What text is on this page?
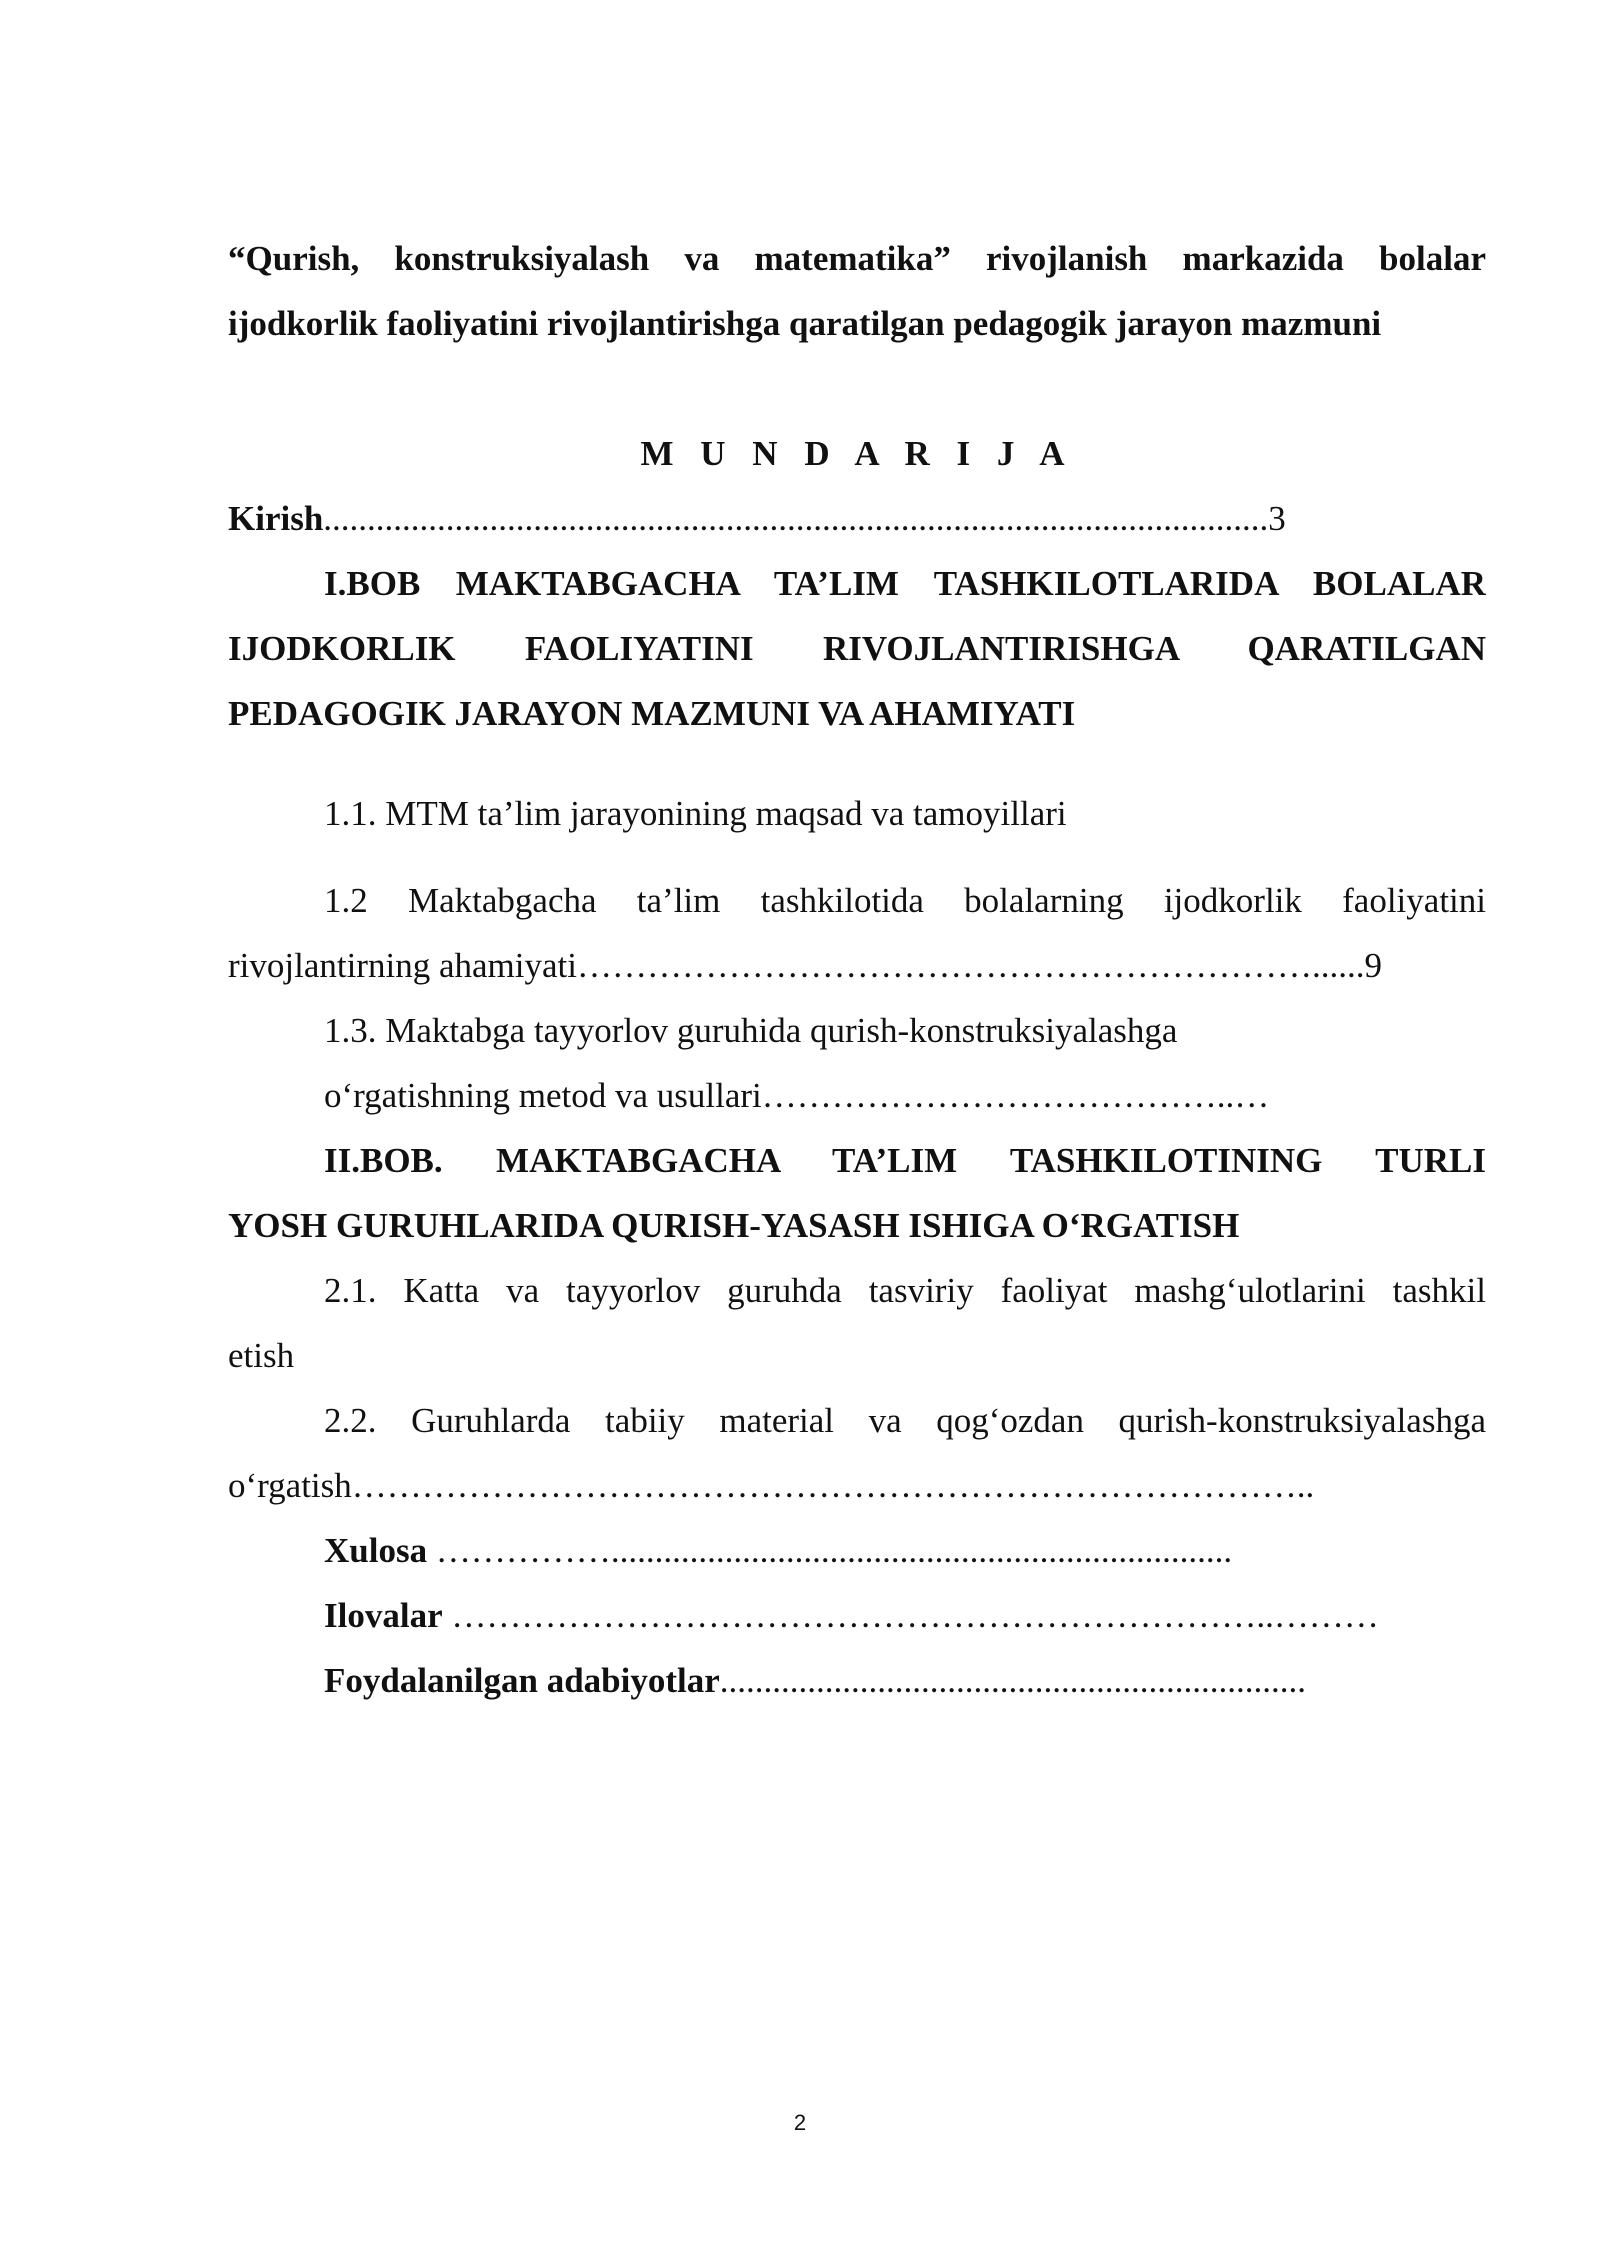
“Qurish, konstruksiyalash va matematika” rivojlanish markazida bolalar
ijodkorlik faoliyatini rivojlantirishga qaratilgan pedagogik jarayon mazmuni
M U N D A R I J A
Kirish............................................................................................................3
I.BOB MAKTABGACHA TA’LIM TASHKILOTLARIDA BOLALAR
IJODKORLIK FAOLIYATINI RIVOJLANTIRISHGA QARATILGAN
PEDAGOGIK JARAYON MAZMUNI VA AHAMIYATI
1.1. MTM ta’lim jarayonining maqsad va tamoyillari
1.2 Maktabgacha ta’lim tashkilotida bolalarning ijodkorlik faoliyatini
rivojlantirning ahamiyati………………………………………………………......9
1.3. Maktabga tayyorlov guruhida qurish-konstruksiyalashga
o‘rgatishning metod va usullari…………………………………..…
II.BOB. MAKTABGACHA TA’LIM TASHKILOTINING TURLI
YOSH GURUHLARIDA QURISH-YASASH ISHIGA O‘RGATISH
2.1. Katta va tayyorlov guruhda tasviriy faoliyat mashg‘ulotlarini tashkil
etish
2.2. Guruhlarda tabiiy material va qog‘ozdan qurish-konstruksiyalashga
o‘rgatish………………………………………………………………………..
Xulosa …………….......................................................................
Ilovalar ……………………………………………………………..………
Foydalanilgan adabiyotlar...................................................................
2
